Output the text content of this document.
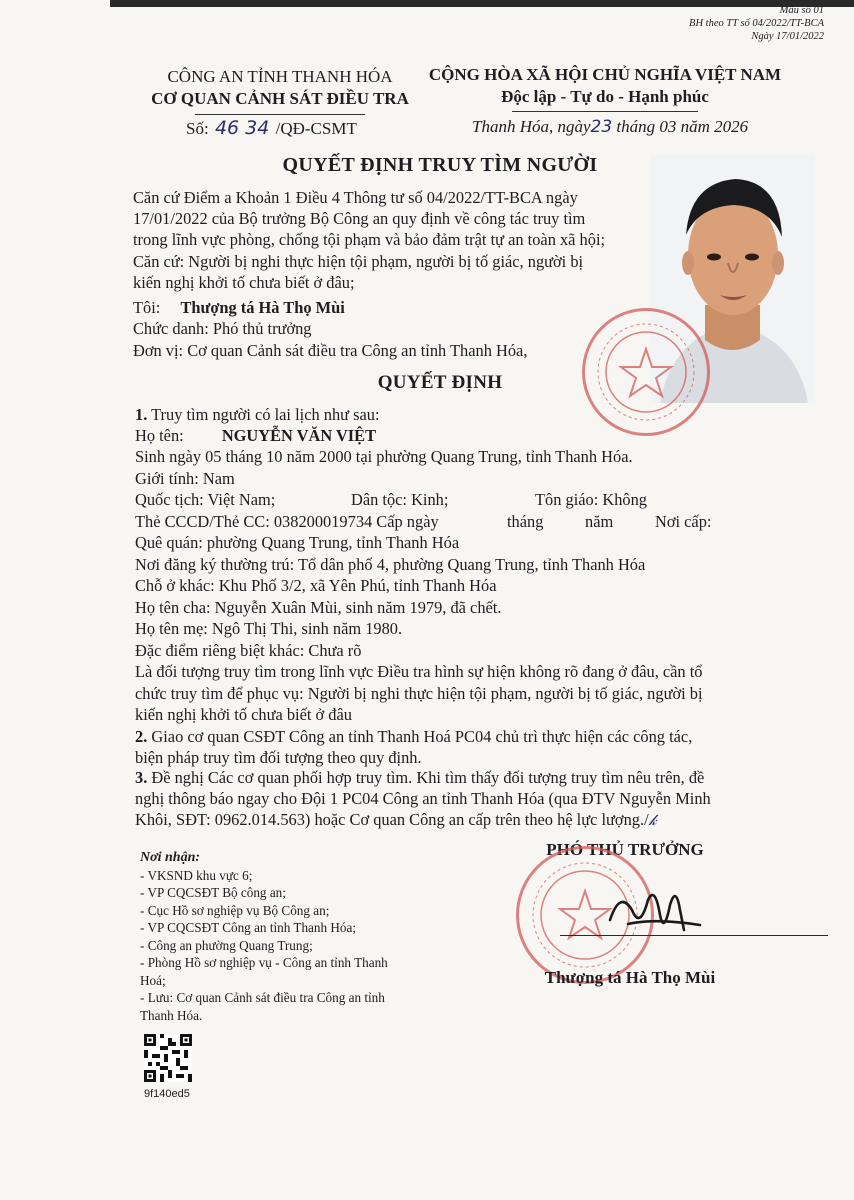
Mẫu số 01
BH theo TT số 04/2022/TT-BCA
Ngày 17/01/2022
CÔNG AN TỈNH THANH HÓA
CƠ QUAN CẢNH SÁT ĐIỀU TRA
Số: 46 34 /QĐ-CSMT
CỘNG HÒA XÃ HỘI CHỦ NGHĨA VIỆT NAM
Độc lập - Tự do - Hạnh phúc
Thanh Hóa, ngày23 tháng 03 năm 2026
QUYẾT ĐỊNH TRUY TÌM NGƯỜI
Căn cứ Điểm a Khoản 1 Điều 4 Thông tư số 04/2022/TT-BCA ngày
17/01/2022 của Bộ trưởng Bộ Công an quy định về công tác truy tìm
trong lĩnh vực phòng, chống tội phạm và bảo đảm trật tự an toàn xã hội;
Căn cứ: Người bị nghi thực hiện tội phạm, người bị tố giác, người bị
kiến nghị khởi tố chưa biết ở đâu;
Tôi: Thượng tá Hà Thọ Mùi
Chức danh: Phó thủ trưởng
Đơn vị: Cơ quan Cảnh sát điều tra Công an tỉnh Thanh Hóa,
QUYẾT ĐỊNH
1. Truy tìm người có lai lịch như sau:
Họ tên: NGUYỄN VĂN VIỆT
Sinh ngày 05 tháng 10 năm 2000 tại phường Quang Trung, tỉnh Thanh Hóa.
Giới tính: Nam
Quốc tịch: Việt Nam;	Dân tộc: Kinh;	Tôn giáo: Không
Thẻ CCCD/Thẻ CC: 038200019734 Cấp ngày	tháng	năm	Nơi cấp:
Quê quán: phường Quang Trung, tỉnh Thanh Hóa
Nơi đăng ký thường trú: Tổ dân phố 4, phường Quang Trung, tỉnh Thanh Hóa
Chỗ ở khác: Khu Phố 3/2, xã Yên Phú, tỉnh Thanh Hóa
Họ tên cha: Nguyễn Xuân Mùi, sinh năm 1979, đã chết.
Họ tên mẹ: Ngô Thị Thi, sinh năm 1980.
Đặc điểm riêng biệt khác: Chưa rõ
Là đối tượng truy tìm trong lĩnh vực Điều tra hình sự hiện không rõ đang ở đâu, cần tổ
chức truy tìm để phục vụ: Người bị nghi thực hiện tội phạm, người bị tố giác, người bị
kiến nghị khởi tố chưa biết ở đâu
2. Giao cơ quan CSĐT Công an tỉnh Thanh Hoá PC04 chủ trì thực hiện các công tác,
biện pháp truy tìm đối tượng theo quy định.
3. Đề nghị Các cơ quan phối hợp truy tìm. Khi tìm thấy đối tượng truy tìm nêu trên, đề
nghị thông báo ngay cho Đội 1 PC04 Công an tỉnh Thanh Hóa (qua ĐTV Nguyễn Minh
Khôi, SĐT: 0962.014.563) hoặc Cơ quan Công an cấp trên theo hệ lực lượng./𝓀
Nơi nhận:
- VKSND khu vực 6;
- VP CQCSĐT Bộ công an;
- Cục Hồ sơ nghiệp vụ Bộ Công an;
- VP CQCSĐT Công an tỉnh Thanh Hóa;
- Công an phường Quang Trung;
- Phòng Hồ sơ nghiệp vụ - Công an tỉnh Thanh
Hoá;
- Lưu: Cơ quan Cảnh sát điều tra Công an tỉnh
Thanh Hóa.
9f140ed5
PHÓ THỦ TRƯỞNG
Thượng tá Hà Thọ Mùi
